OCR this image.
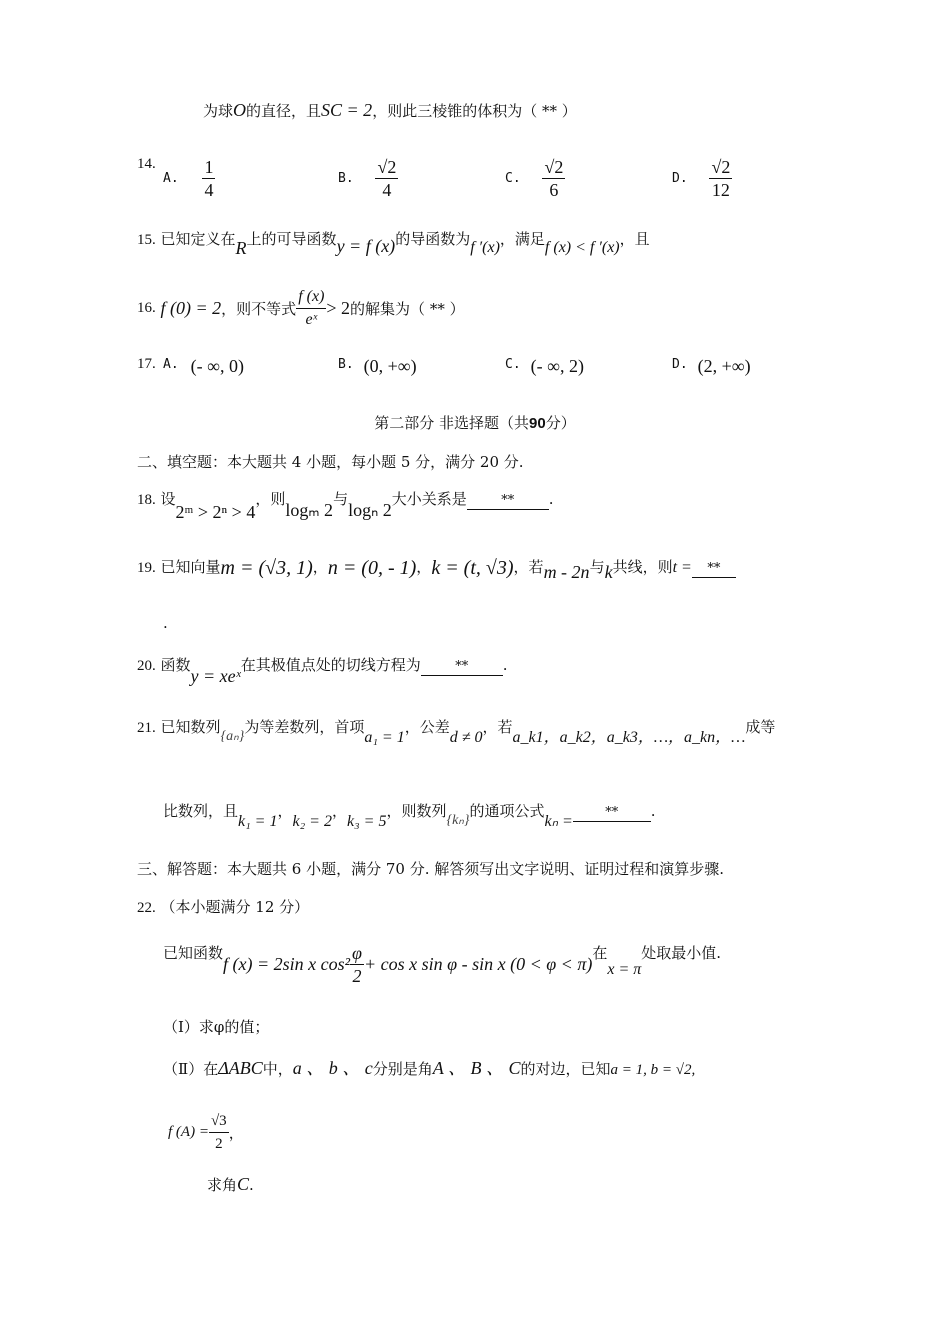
为球O的直径，且SC = 2，则此三棱锥的体积为（ ** ）
14.
A. $\frac{1}{4}$	B. $\frac{√2}{4}$	C. $\frac{√2}{6}$	D. $\frac{√2}{12}$
15. 已知定义在R上的可导函数y = f (x)的导函数为f ′(x)，满足f (x) < f ′(x)，且
16. f (0) = 2，则不等式 $\frac{f (x)}{\text{eˣ}} > 2$的解集为（ ** ）
17. A. (- ∞, 0)	B. (0, +∞)	C. (- ∞, 2)	D. (2, +∞)
第二部分 非选择题（共90分）
二、填空题：本大题共 4 小题，每小题 5 分，满分 20 分.
18. 设2ᵐ > 2ⁿ > 4，则logₘ 2与logₙ 2大小关系是	** .
19. 已知向量m = (√3, 1)，n = (0, - 1)，k = (t, √3)，若m - 2n与k共线，则t = **
.
20. 函数y = xeˣ在其极值点处的切线方程为	** .
21. 已知数列{aₙ}为等差数列，首项a₁ = 1，公差d ≠ 0，若a_k1，a_k2，a_k3，…，a_kn，…成等
比数列，且k₁ = 1，k₂ = 2，k₃ = 5，则数列{kₙ}的通项公式kₙ =** .
三、解答题：本大题共 6 小题，满分 70 分. 解答须写出文字说明、证明过程和演算步骤.
22. （本小题满分 12 分）
已知函数f (x) = 2sin x $\cos^2 \frac{\varphi}{2} + \cos x$ sin φ - sin x (0 < φ < π)在x = π处取最小值.
（Ⅰ）求φ的值；
（Ⅱ）在ΔABC中，a 、 b 、 c分别是角A 、 B 、 C的对边，已知a = 1, b = √2,
f $(A) = \frac{√3}{2}$ ，
求角C.
